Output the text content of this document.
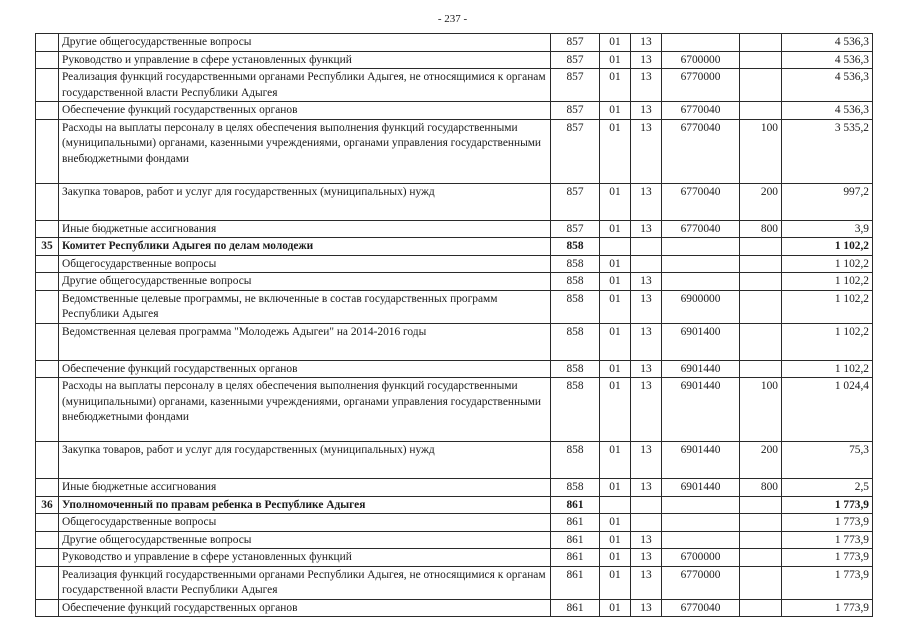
- 237 -
	Другие общегосударственные вопросы	857	01	13			4 536,3
	Руководство и управление в сфере установленных функций	857	01	13	6700000		4 536,3
	Реализация функций государственными органами Республики Адыгея, не относящимися к органам государственной власти Республики Адыгея	857	01	13	6770000		4 536,3
	Обеспечение функций государственных органов	857	01	13	6770040		4 536,3
	Расходы на выплаты персоналу в целях обеспечения выполнения функций государственными (муниципальными) органами, казенными учреждениями, органами управления государственными внебюджетными фондами	857	01	13	6770040	100	3 535,2
	Закупка товаров, работ и услуг для государственных (муниципальных) нужд	857	01	13	6770040	200	997,2
	Иные бюджетные ассигнования	857	01	13	6770040	800	3,9
35	Комитет Республики Адыгея по делам молодежи	858					1 102,2
	Общегосударственные вопросы	858	01				1 102,2
	Другие общегосударственные вопросы	858	01	13			1 102,2
	Ведомственные целевые программы, не включенные в состав государственных программ Республики Адыгея	858	01	13	6900000		1 102,2
	Ведомственная целевая программа "Молодежь Адыгеи" на 2014-2016 годы	858	01	13	6901400		1 102,2
	Обеспечение функций государственных органов	858	01	13	6901440		1 102,2
	Расходы на выплаты персоналу в целях обеспечения выполнения функций государственными (муниципальными) органами, казенными учреждениями, органами управления государственными внебюджетными фондами	858	01	13	6901440	100	1 024,4
	Закупка товаров, работ и услуг для государственных (муниципальных) нужд	858	01	13	6901440	200	75,3
	Иные бюджетные ассигнования	858	01	13	6901440	800	2,5
36	Уполномоченный по правам ребенка в Республике Адыгея	861					1 773,9
	Общегосударственные вопросы	861	01				1 773,9
	Другие общегосударственные вопросы	861	01	13			1 773,9
	Руководство и управление в сфере установленных функций	861	01	13	6700000		1 773,9
	Реализация функций государственными органами Республики Адыгея, не относящимися к органам государственной власти Республики Адыгея	861	01	13	6770000		1 773,9
	Обеспечение функций государственных органов	861	01	13	6770040		1 773,9
